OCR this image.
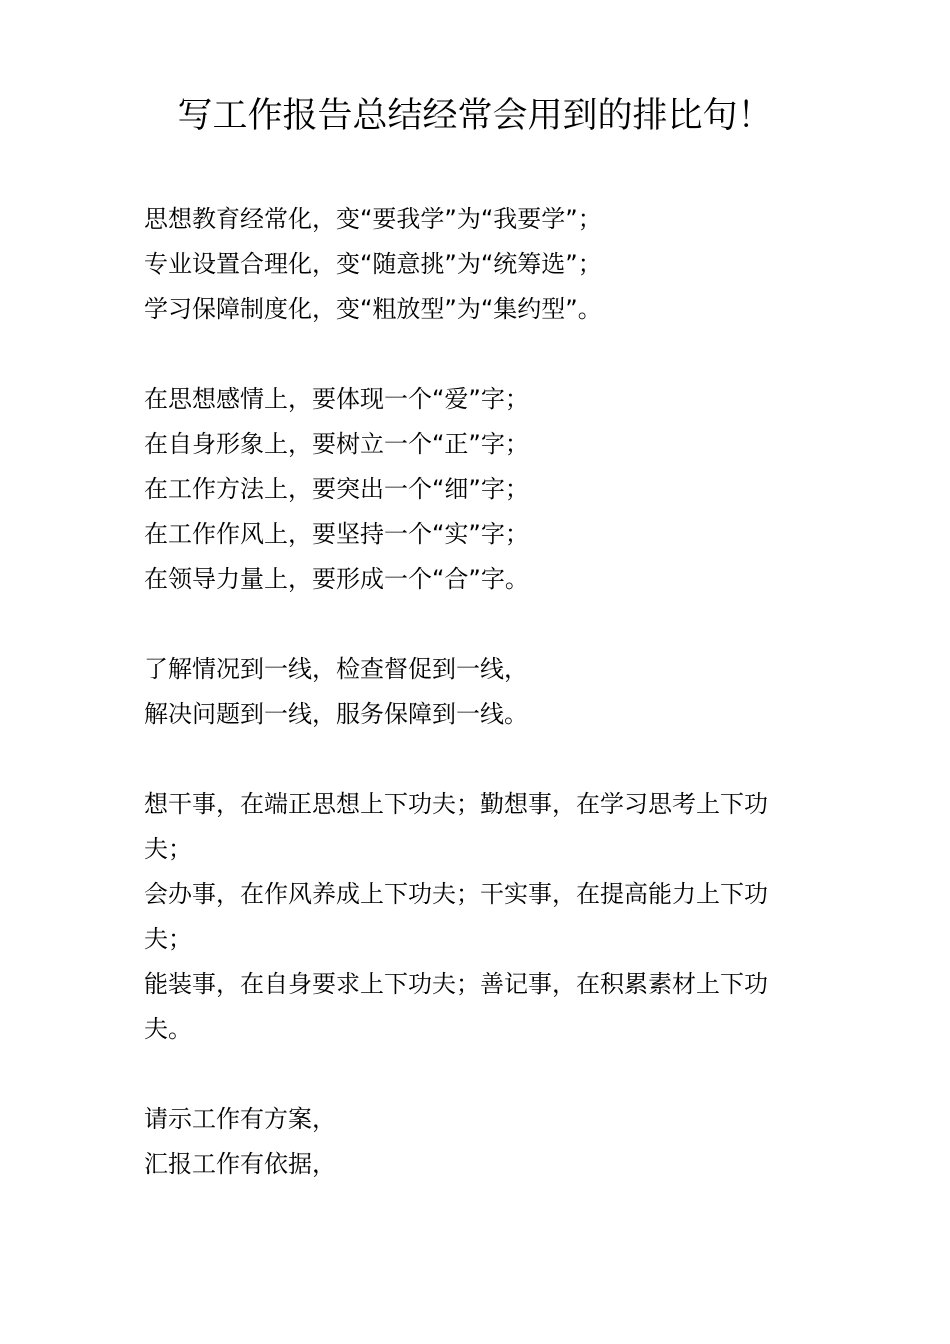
写工作报告总结经常会用到的排比句！
思想教育经常化，变“要我学”为“我要学”；
专业设置合理化，变“随意挑”为“统筹选”；
学习保障制度化，变“粗放型”为“集约型”。
在思想感情上，要体现一个“爱”字；
在自身形象上，要树立一个“正”字；
在工作方法上，要突出一个“细”字；
在工作作风上，要坚持一个“实”字；
在领导力量上，要形成一个“合”字。
了解情况到一线，检查督促到一线，
解决问题到一线，服务保障到一线。
想干事，在端正思想上下功夫；勤想事，在学习思考上下功
夫；
会办事，在作风养成上下功夫；干实事，在提高能力上下功
夫；
能装事，在自身要求上下功夫；善记事，在积累素材上下功
夫。
请示工作有方案，
汇报工作有依据，
